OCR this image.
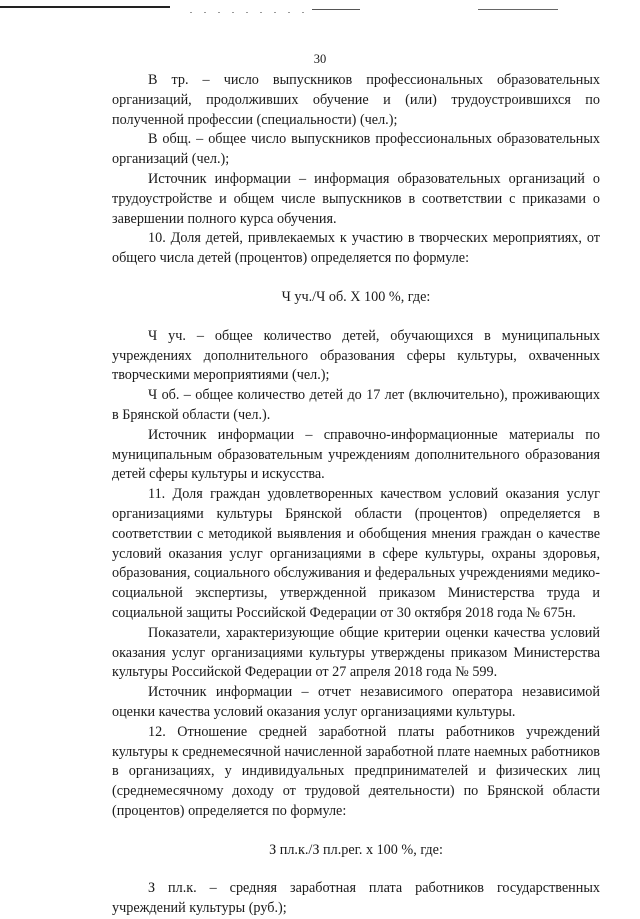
30

В тр. – число выпускников профессиональных образовательных организаций, продолживших обучение и (или) трудоустроившихся по полученной профессии (специальности) (чел.);

В общ. – общее число выпускников профессиональных образовательных организаций (чел.);

Источник информации – информация образовательных организаций о трудоустройстве и общем числе выпускников в соответствии с приказами о завершении полного курса обучения.

10. Доля детей, привлекаемых к участию в творческих мероприятиях, от общего числа детей (процентов) определяется по формуле:

Ч уч./Ч об. Х 100 %, где:

Ч уч. – общее количество детей, обучающихся в муниципальных учреждениях дополнительного образования сферы культуры, охваченных творческими мероприятиями (чел.);

Ч об. – общее количество детей до 17 лет (включительно), проживающих в Брянской области (чел.).

Источник информации – справочно-информационные материалы по муниципальным образовательным учреждениям дополнительного образования детей сферы культуры и искусства.

11. Доля граждан удовлетворенных качеством условий оказания услуг организациями культуры Брянской области (процентов) определяется в соответствии с методикой выявления и обобщения мнения граждан о качестве условий оказания услуг организациями в сфере культуры, охраны здоровья, образования, социального обслуживания и федеральных учреждениями медико-социальной экспертизы, утвержденной приказом Министерства труда и социальной защиты Российской Федерации от 30 октября 2018 года № 675н.

Показатели, характеризующие общие критерии оценки качества условий оказания услуг организациями культуры утверждены приказом Министерства культуры Российской Федерации от 27 апреля 2018 года № 599.

Источник информации – отчет независимого оператора независимой оценки качества условий оказания услуг организациями культуры.

12. Отношение средней заработной платы работников учреждений культуры к среднемесячной начисленной заработной плате наемных работников в организациях, у индивидуальных предпринимателей и физических лиц (среднемесячному доходу от трудовой деятельности) по Брянской области (процентов) определяется по формуле:

З пл.к./З пл.рег. х 100 %, где:

З пл.к. – средняя заработная плата работников государственных учреждений культуры (руб.);
